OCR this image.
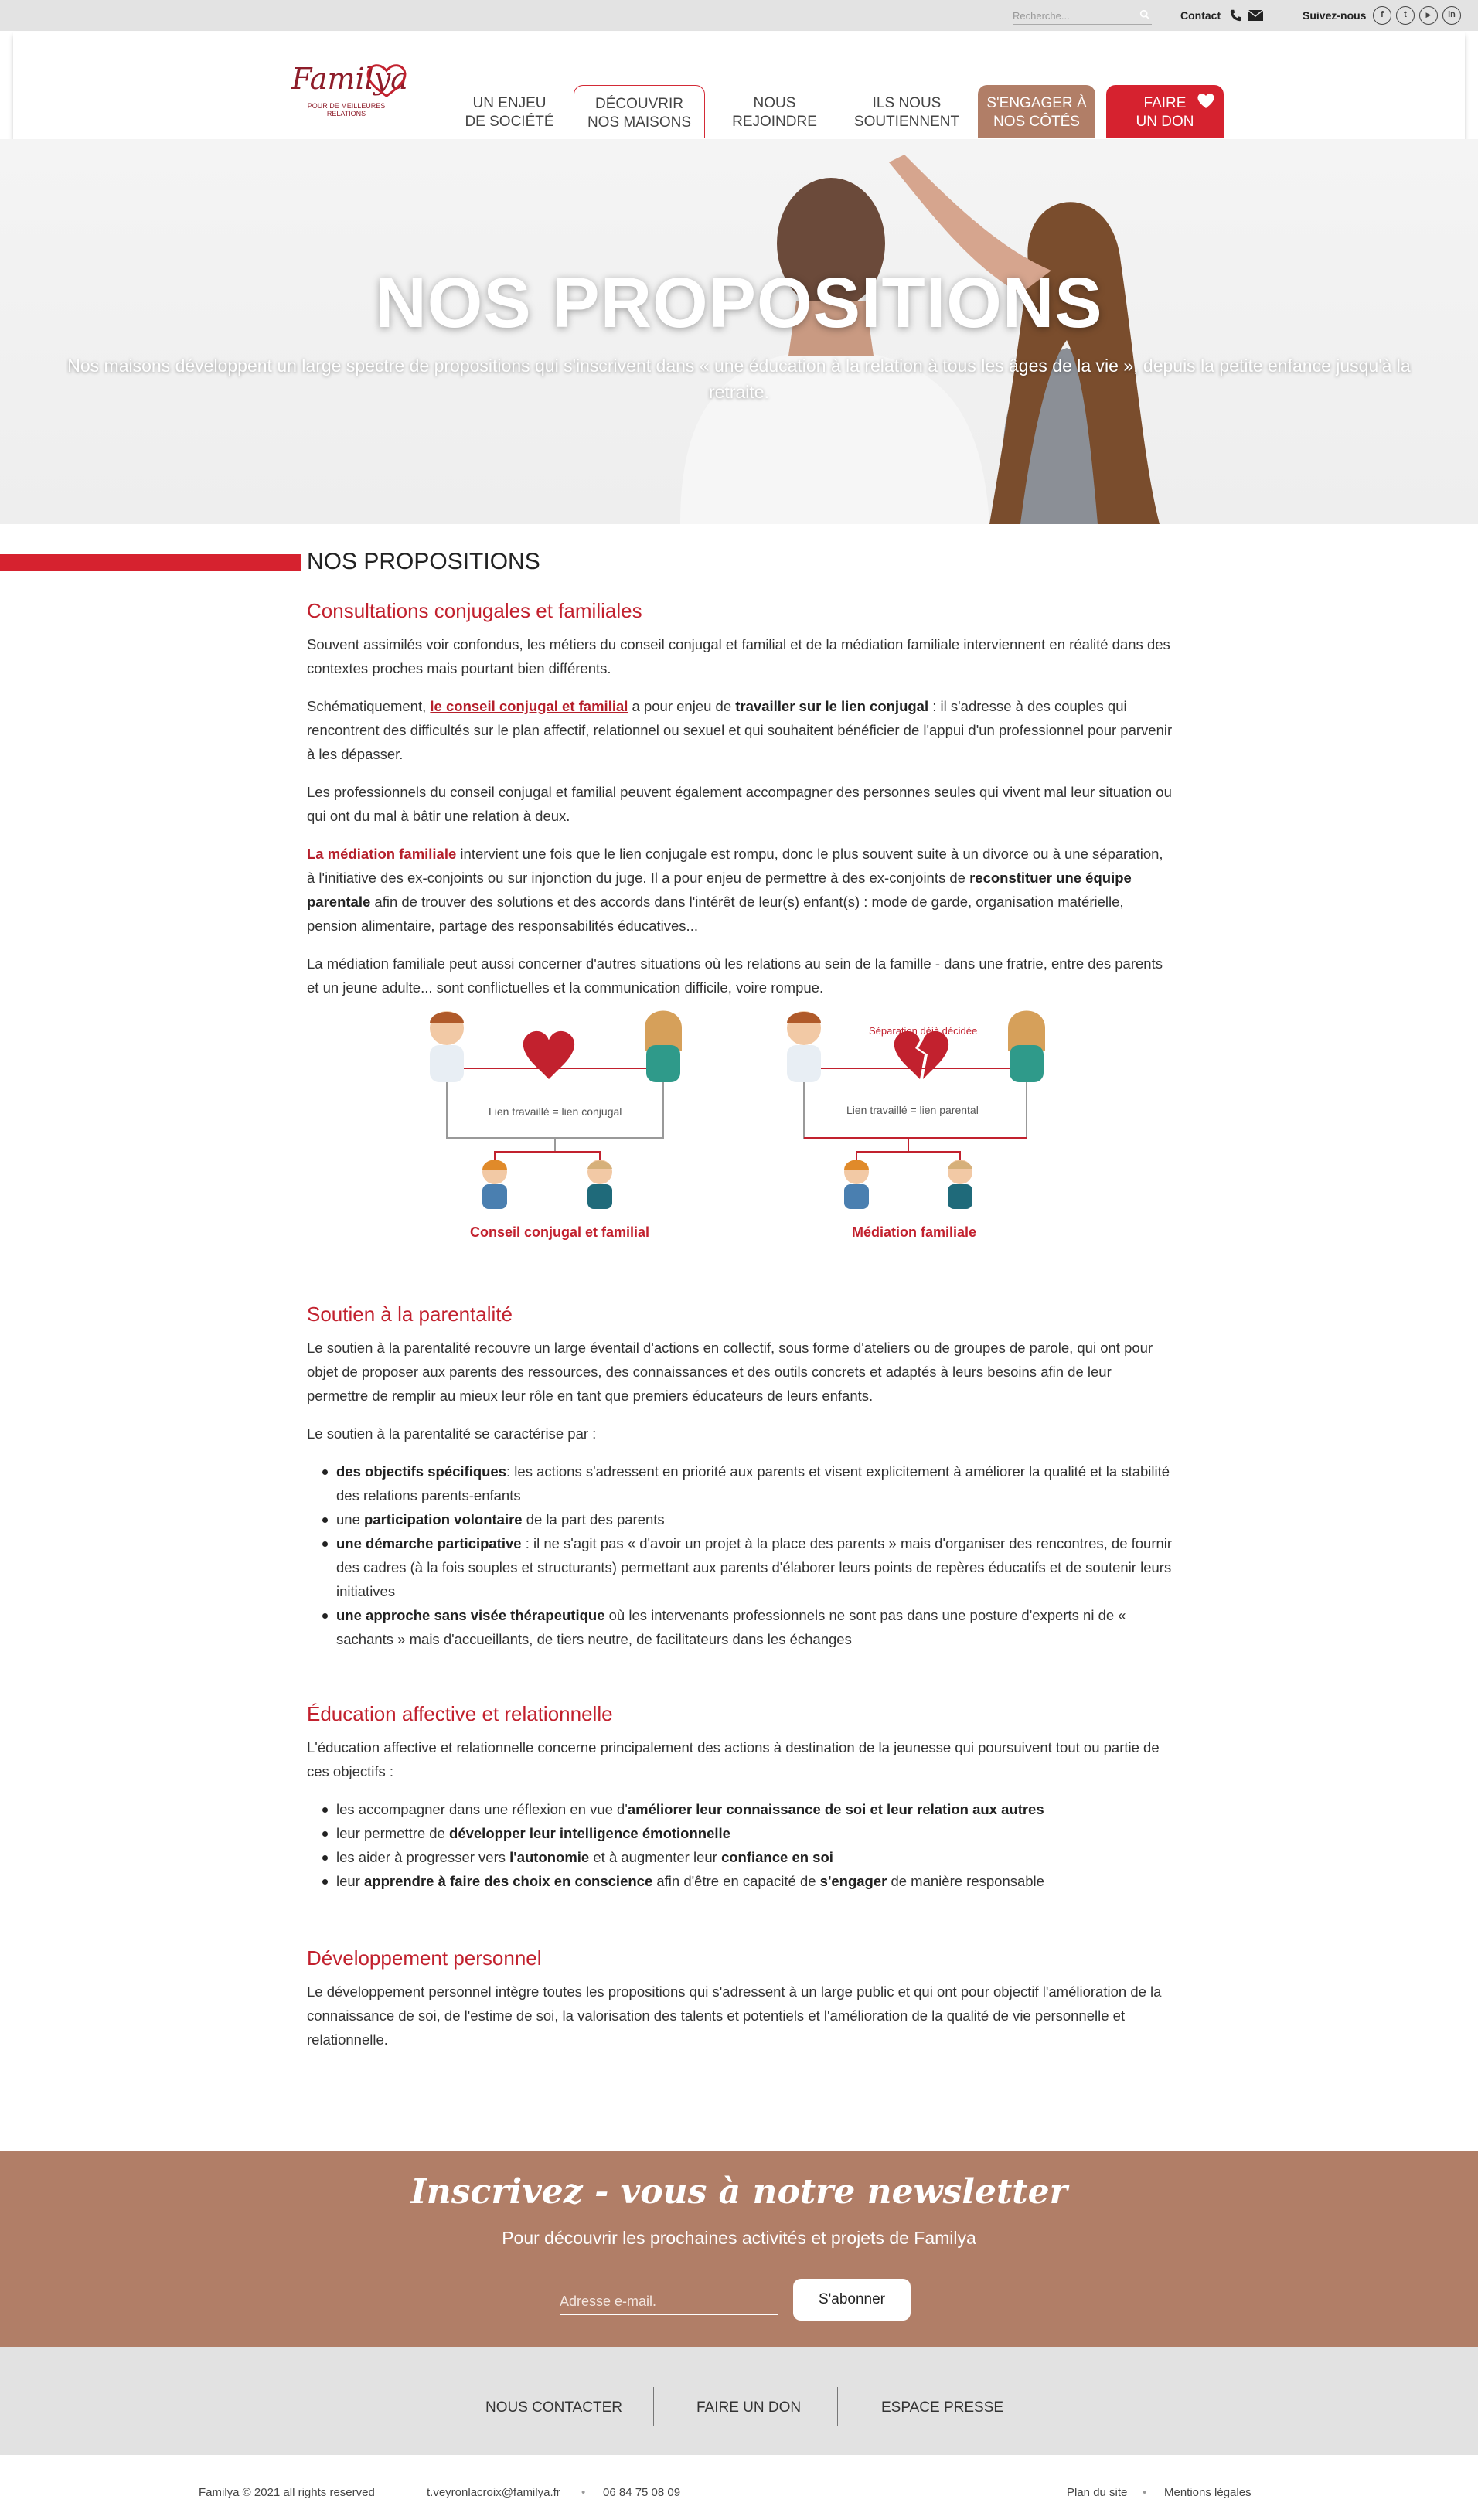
Recherche...	Contact	Suivez-nous	f	t	▶	in
Familya
POUR DE MEILLEURES RELATIONS
UN ENJEU
DE SOCIÉTÉ
DÉCOUVRIR
NOS MAISONS
NOUS
REJOINDRE
ILS NOUS
SOUTIENNENT
S'ENGAGER À
NOS CÔTÉS
FAIRE
UN DON
NOS PROPOSITIONS
Nos maisons développent un large spectre de propositions qui s'inscrivent dans « une éducation à la relation à tous les âges de la vie », depuis la petite enfance jusqu'à la retraite.
NOS PROPOSITIONS
Consultations conjugales et familiales

Souvent assimilés voir confondus, les métiers du conseil conjugal et familial et de la médiation familiale interviennent en réalité dans des contextes proches mais pourtant bien différents.

Schématiquement, le conseil conjugal et familial a pour enjeu de travailler sur le lien conjugal : il s'adresse à des couples qui rencontrent des difficultés sur le plan affectif, relationnel ou sexuel et qui souhaitent bénéficier de l'appui d'un professionnel pour parvenir à les dépasser.

Les professionnels du conseil conjugal et familial peuvent également accompagner des personnes seules qui vivent mal leur situation ou qui ont du mal à bâtir une relation à deux.

La médiation familiale intervient une fois que le lien conjugale est rompu, donc le plus souvent suite à un divorce ou à une séparation, à l'initiative des ex-conjoints ou sur injonction du juge. Il a pour enjeu de permettre à des ex-conjoints de reconstituer une équipe parentale afin de trouver des solutions et des accords dans l'intérêt de leur(s) enfant(s) : mode de garde, organisation matérielle, pension alimentaire, partage des responsabilités éducatives...

La médiation familiale peut aussi concerner d'autres situations où les relations au sein de la famille - dans une fratrie, entre des parents et un jeune adulte... sont conflictuelles et la communication difficile, voire rompue.

Lien travaillé = lien conjugal
Conseil conjugal et familial
Séparation déjà décidée
Lien travaillé = lien parental
Médiation familiale
Soutien à la parentalité

Le soutien à la parentalité recouvre un large éventail d'actions en collectif, sous forme d'ateliers ou de groupes de parole, qui ont pour objet de proposer aux parents des ressources, des connaissances et des outils concrets et adaptés à leurs besoins afin de leur permettre de remplir au mieux leur rôle en tant que premiers éducateurs de leurs enfants.

Le soutien à la parentalité se caractérise par :

des objectifs spécifiques: les actions s'adressent en priorité aux parents et visent explicitement à améliorer la qualité et la stabilité des relations parents-enfants
une participation volontaire de la part des parents
une démarche participative : il ne s'agit pas « d'avoir un projet à la place des parents » mais d'organiser des rencontres, de fournir des cadres (à la fois souples et structurants) permettant aux parents d'élaborer leurs points de repères éducatifs et de soutenir leurs initiatives
une approche sans visée thérapeutique où les intervenants professionnels ne sont pas dans une posture d'experts ni de « sachants » mais d'accueillants, de tiers neutre, de facilitateurs dans les échanges
Éducation affective et relationnelle

L'éducation affective et relationnelle concerne principalement des actions à destination de la jeunesse qui poursuivent tout ou partie de ces objectifs :

les accompagner dans une réflexion en vue d'améliorer leur connaissance de soi et leur relation aux autres
leur permettre de développer leur intelligence émotionnelle
les aider à progresser vers l'autonomie et à augmenter leur confiance en soi
leur apprendre à faire des choix en conscience afin d'être en capacité de s'engager de manière responsable
Développement personnel

Le développement personnel intègre toutes les propositions qui s'adressent à un large public et qui ont pour objectif l'amélioration de la connaissance de soi, de l'estime de soi, la valorisation des talents et potentiels et l'amélioration de la qualité de vie personnelle et relationnelle.

Inscrivez - vous à notre newsletter
Pour découvrir les prochaines activités et projets de Familya
Adresse e-mail.	S'abonner
NOUS CONTACTER	FAIRE UN DON	ESPACE PRESSE
Familya © 2021 all rights reserved	t.veyronlacroix@familya.fr • 06 84 75 08 09	Plan du site • Mentions légales
